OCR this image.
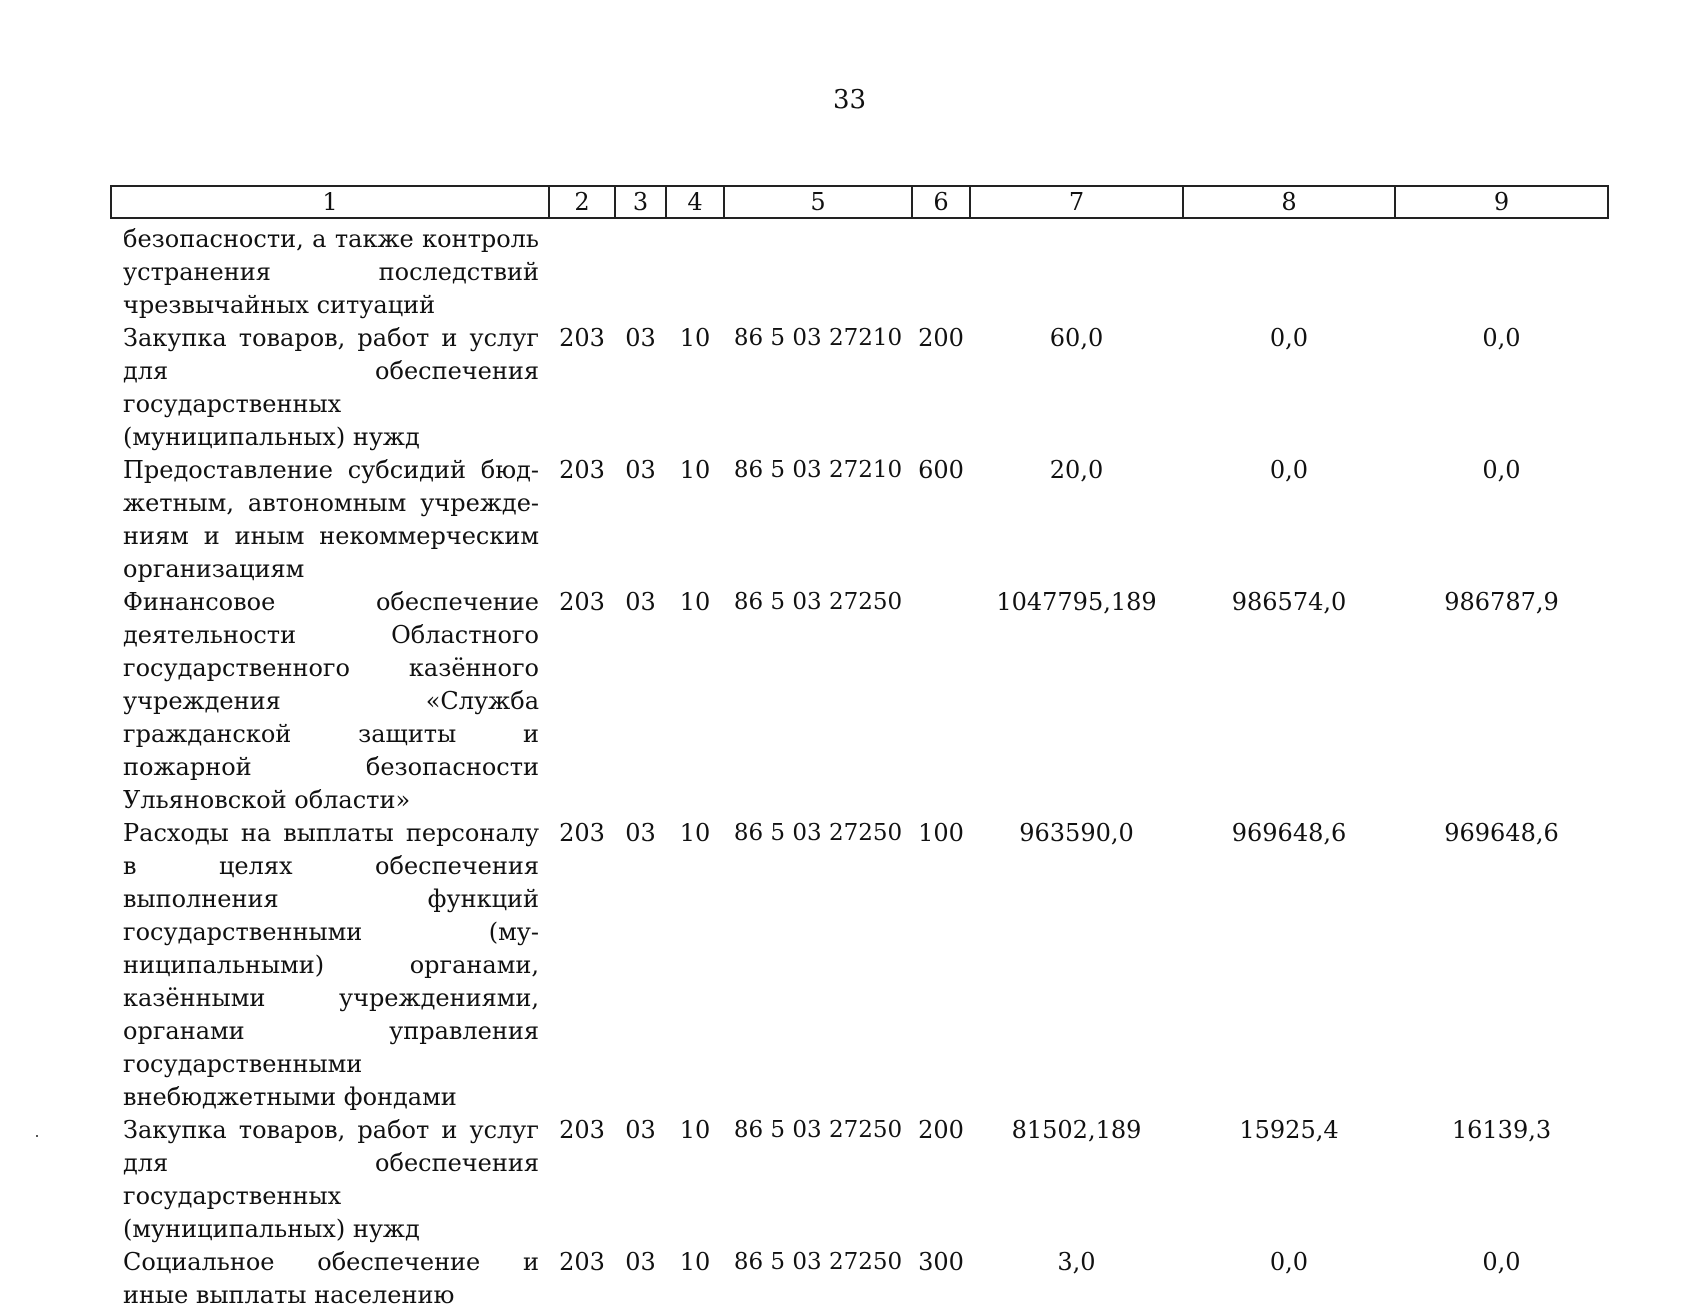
33
1	2	3	4	5	6	7	8	9
безопасности, а также контроль устранения последствий чрезвычайных ситуаций								
Закупка товаров, работ и услуг для обеспечения государственных (муниципальных) нужд	203	03	10	86 5 03 27210	200	60,0	0,0	0,0
Предоставление субсидий бюджетным, автономным учреждениям и иным некоммерческим организациям	203	03	10	86 5 03 27210	600	20,0	0,0	0,0
Финансовое обеспечение деятельности Областного государственного казённого учреждения «Служба гражданской защиты и пожарной безопасности Ульяновской области»	203	03	10	86 5 03 27250		1047795,189	986574,0	986787,9
Расходы на выплаты персоналу в целях обеспечения выполнения функций государственными (муниципальными) органами, казёнными учреждениями, органами управления государственными внебюджетными фондами	203	03	10	86 5 03 27250	100	963590,0	969648,6	969648,6
Закупка товаров, работ и услуг для обеспечения государственных (муниципальных) нужд	203	03	10	86 5 03 27250	200	81502,189	15925,4	16139,3
Социальное обеспечение и иные выплаты населению	203	03	10	86 5 03 27250	300	3,0	0,0	0,0
